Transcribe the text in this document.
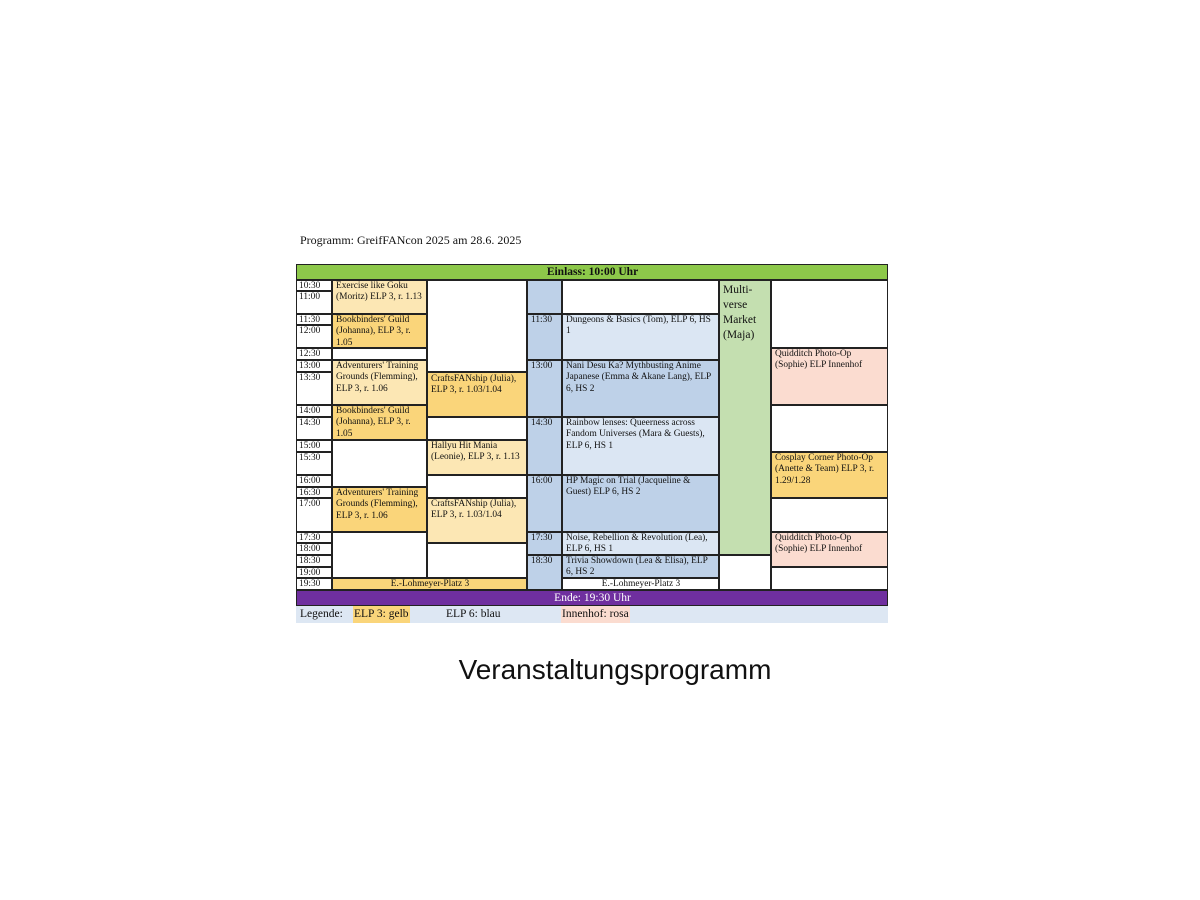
Programm: GreifFANcon 2025 am 28.6. 2025
Einlass: 10:00 Uhr
10:30
11:00
11:30
12:00
12:30
13:00
13:30
14:00
14:30
15:00
15:30
16:00
16:30
17:00
17:30
18:00
18:30
19:00
19:30
Exercise like Goku (Moritz) ELP 3, r. 1.13
Bookbinders' Guild (Johanna), ELP 3, r. 1.05
Adventurers' Training Grounds (Flemming), ELP 3, r. 1.06
Bookbinders' Guild (Johanna), ELP 3, r. 1.05
Adventurers' Training Grounds (Flemming), ELP 3, r. 1.06
CraftsFANship (Julia), ELP 3, r. 1.03/1.04
Hallyu Hit Mania (Leonie), ELP 3, r. 1.13
CraftsFANship (Julia), ELP 3, r. 1.03/1.04
E.-Lohmeyer-Platz 3
11:30
13:00
14:30
16:00
17:30
18:30
Dungeons & Basics (Tom), ELP 6, HS 1
Nani Desu Ka? Mythbusting Anime Japanese (Emma & Akane Lang), ELP 6, HS 2
Rainbow lenses: Queerness across Fandom Universes (Mara & Guests), ELP 6, HS 1
HP Magic on Trial (Jacqueline & Guest) ELP 6, HS 2
Noise, Rebellion & Revolution (Lea), ELP 6, HS 1
Trivia Showdown (Lea & Elisa), ELP 6, HS 2
E.-Lohmeyer-Platz 3
Multi-verse Market (Maja)
Quidditch Photo-Op (Sophie) ELP Innenhof
Cosplay Corner Photo-Op (Anette & Team) ELP 3, r. 1.29/1.28
Quidditch Photo-Op (Sophie) ELP Innenhof
Ende: 19:30 Uhr
Legende: ELP 3: gelb	ELP 6: blau	Innenhof: rosa
Veranstaltungsprogramm
